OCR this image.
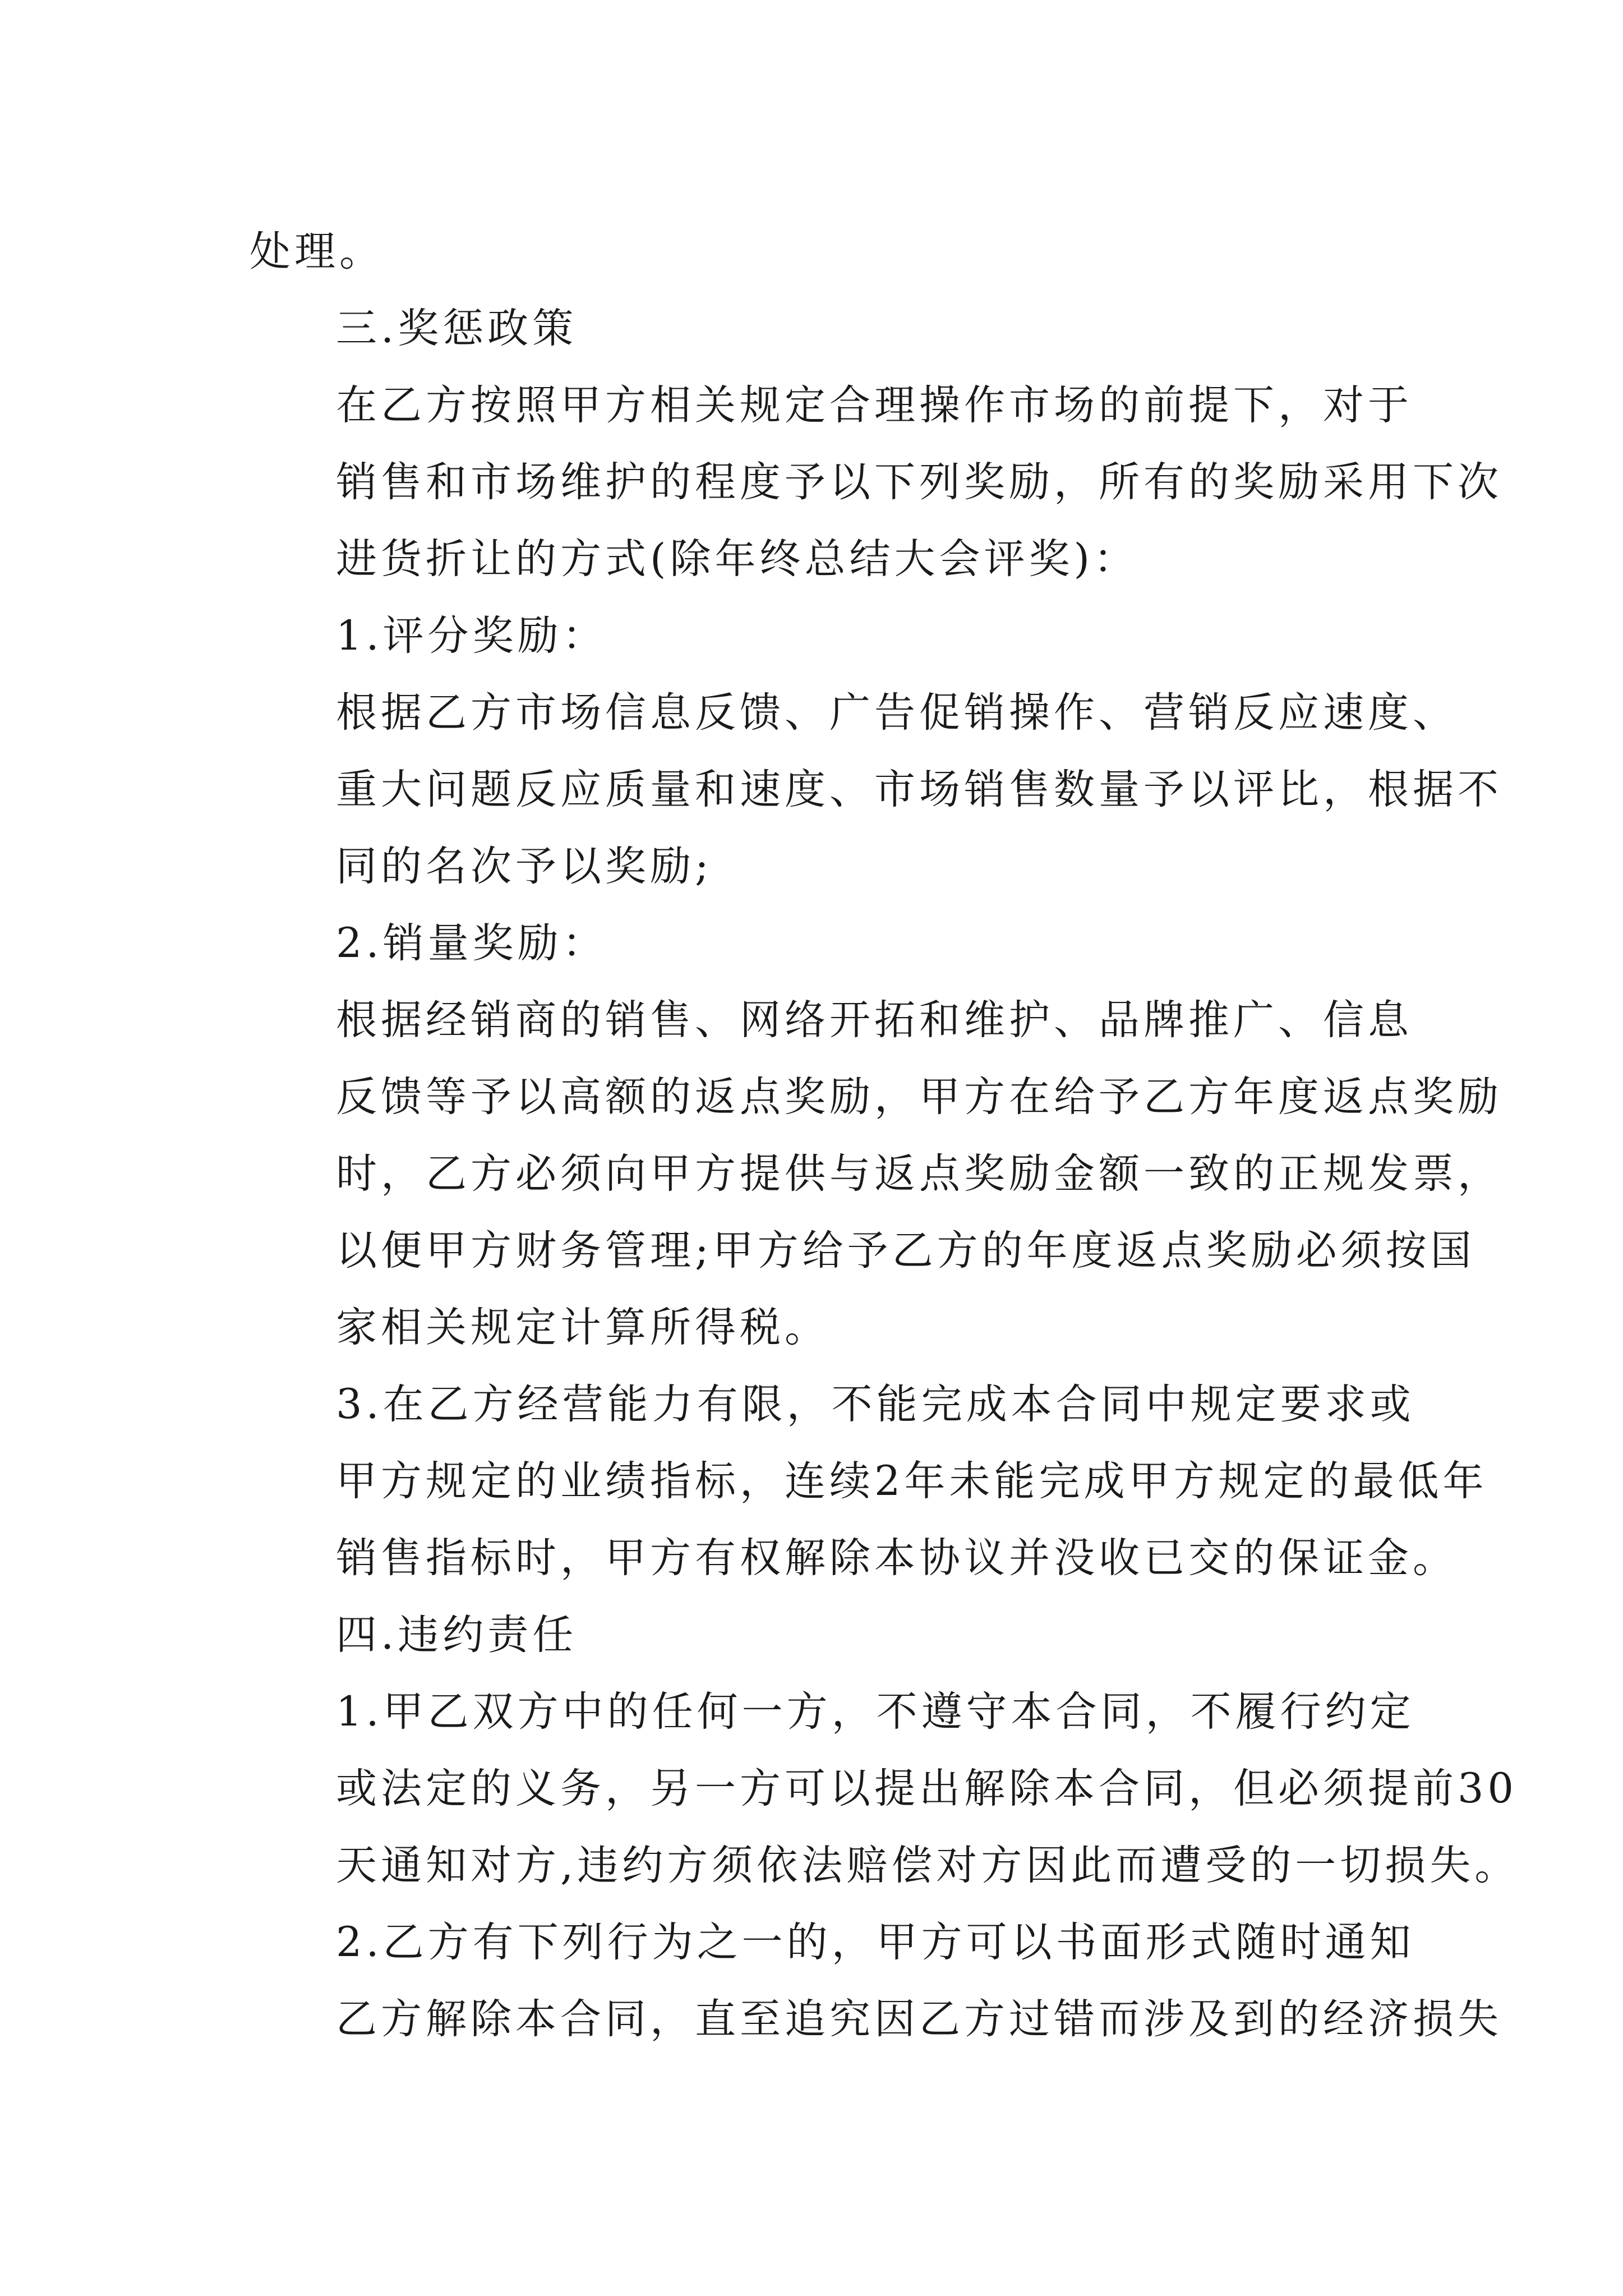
处理。
三.奖惩政策
在乙方按照甲方相关规定合理操作市场的前提下，对于
销售和市场维护的程度予以下列奖励，所有的奖励采用下次
进货折让的方式(除年终总结大会评奖)：
1.评分奖励：
根据乙方市场信息反馈、广告促销操作、营销反应速度、
重大问题反应质量和速度、市场销售数量予以评比，根据不
同的名次予以奖励;
2.销量奖励：
根据经销商的销售、网络开拓和维护、品牌推广、信息
反馈等予以高额的返点奖励，甲方在给予乙方年度返点奖励
时，乙方必须向甲方提供与返点奖励金额一致的正规发票，
以便甲方财务管理;甲方给予乙方的年度返点奖励必须按国
家相关规定计算所得税。
3.在乙方经营能力有限，不能完成本合同中规定要求或
甲方规定的业绩指标，连续2年未能完成甲方规定的最低年
销售指标时，甲方有权解除本协议并没收已交的保证金。
四.违约责任
1.甲乙双方中的任何一方，不遵守本合同，不履行约定
或法定的义务，另一方可以提出解除本合同，但必须提前30
天通知对方,违约方须依法赔偿对方因此而遭受的一切损失。
2.乙方有下列行为之一的，甲方可以书面形式随时通知
乙方解除本合同，直至追究因乙方过错而涉及到的经济损失
